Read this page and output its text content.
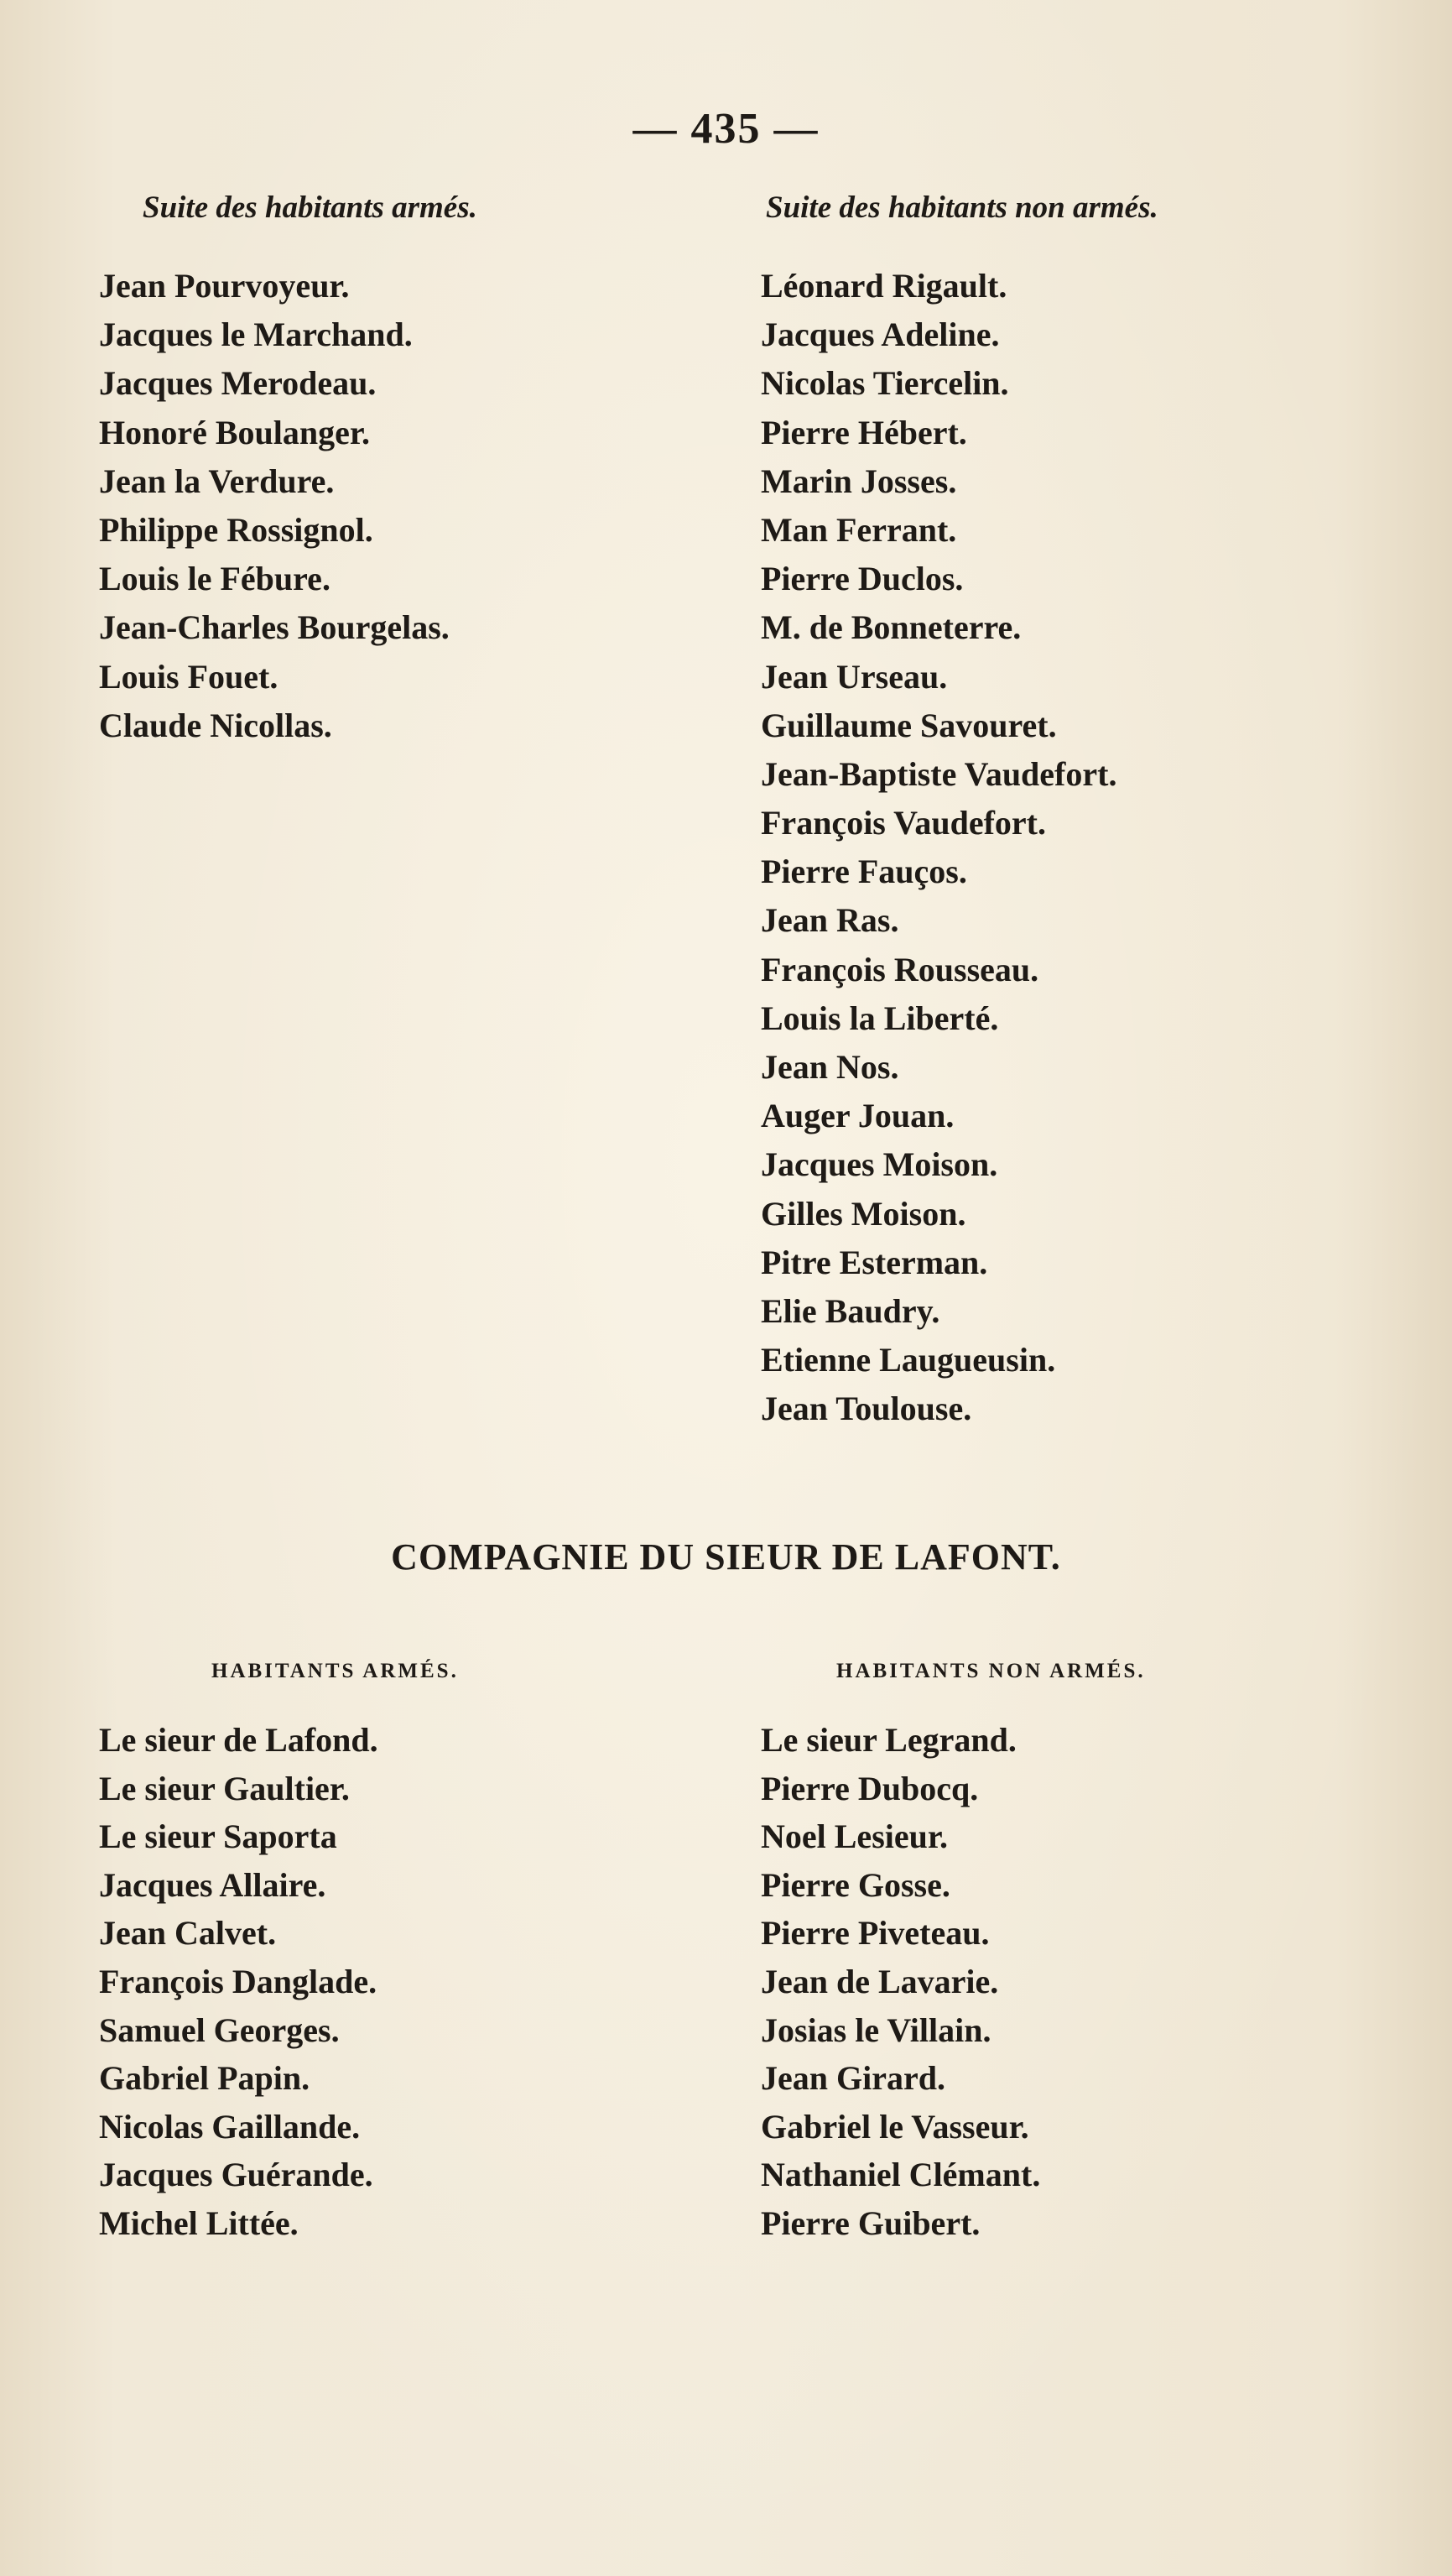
— 435 —
Suite des habitants armés.	Suite des habitants non armés.
Jean Pourvoyeur.
Jacques le Marchand.
Jacques Merodeau.
Honoré Boulanger.
Jean la Verdure.
Philippe Rossignol.
Louis le Fébure.
Jean-Charles Bourgelas.
Louis Fouet.
Claude Nicollas.
Léonard Rigault.
Jacques Adeline.
Nicolas Tiercelin.
Pierre Hébert.
Marin Josses.
Man Ferrant.
Pierre Duclos.
M. de Bonneterre.
Jean Urseau.
Guillaume Savouret.
Jean-Baptiste Vaudefort.
François Vaudefort.
Pierre Fauços.
Jean Ras.
François Rousseau.
Louis la Liberté.
Jean Nos.
Auger Jouan.
Jacques Moison.
Gilles Moison.
Pitre Esterman.
Elie Baudry.
Etienne Laugueusin.
Jean Toulouse.
COMPAGNIE DU SIEUR DE LAFONT.
HABITANTS ARMÉS.	HABITANTS NON ARMÉS.
Le sieur de Lafond.
Le sieur Gaultier.
Le sieur Saporta
Jacques Allaire.
Jean Calvet.
François Danglade.
Samuel Georges.
Gabriel Papin.
Nicolas Gaillande.
Jacques Guérande.
Michel Littée.
Le sieur Legrand.
Pierre Dubocq.
Noel Lesieur.
Pierre Gosse.
Pierre Piveteau.
Jean de Lavarie.
Josias le Villain.
Jean Girard.
Gabriel le Vasseur.
Nathaniel Clémant.
Pierre Guibert.
